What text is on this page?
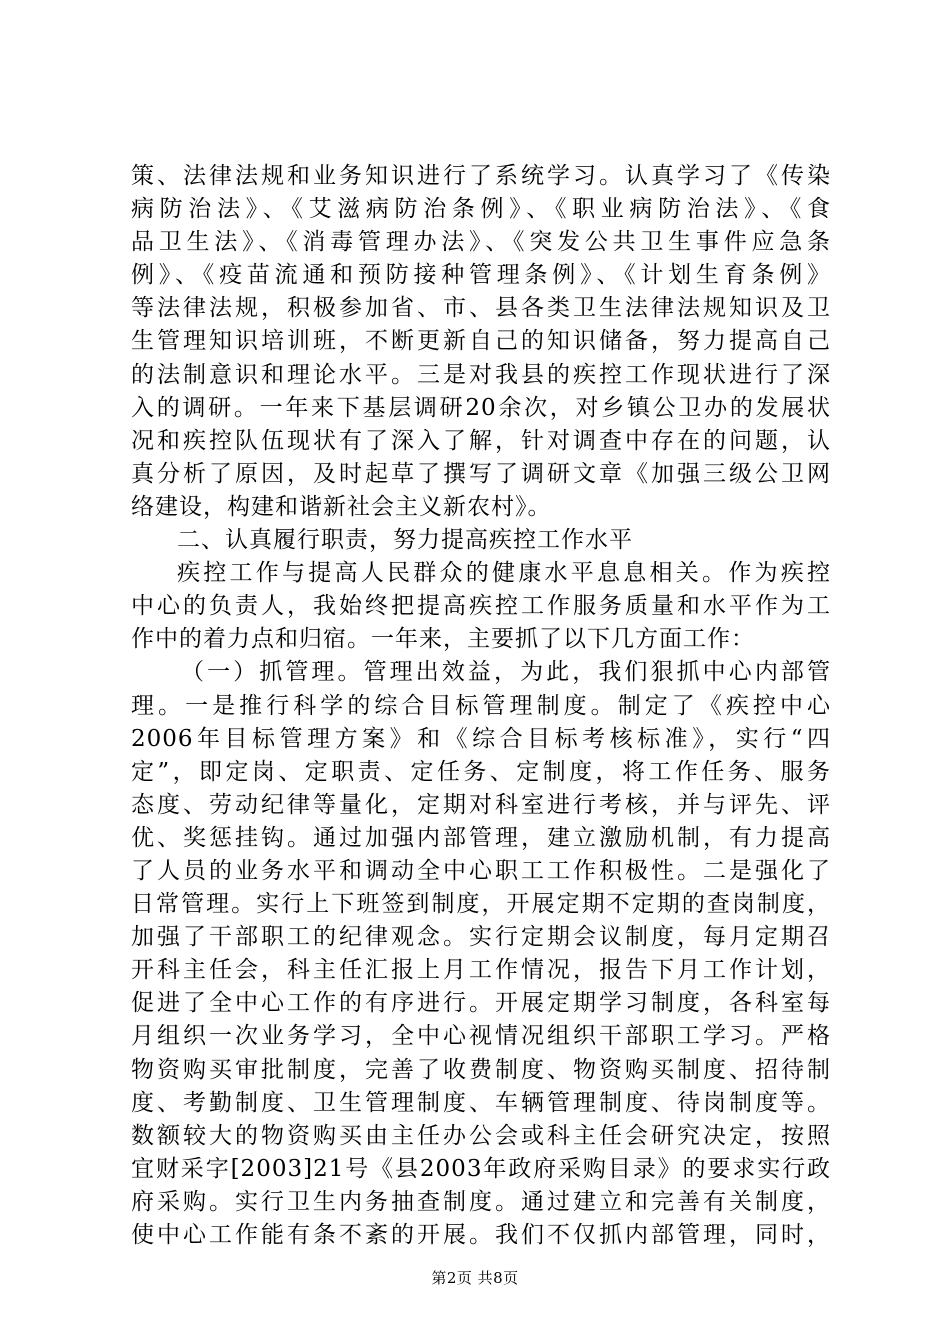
策、法律法规和业务知识进行了系统学习。认真学习了《传染
病防治法》、《艾滋病防治条例》、《职业病防治法》、《食
品卫生法》、《消毒管理办法》、《突发公共卫生事件应急条
例》、《疫苗流通和预防接种管理条例》、《计划生育条例》
等法律法规，积极参加省、市、县各类卫生法律法规知识及卫
生管理知识培训班，不断更新自己的知识储备，努力提高自己
的法制意识和理论水平。三是对我县的疾控工作现状进行了深
入的调研。一年来下基层调研20余次，对乡镇公卫办的发展状
况和疾控队伍现状有了深入了解，针对调查中存在的问题，认
真分析了原因，及时起草了撰写了调研文章《加强三级公卫网
络建设，构建和谐新社会主义新农村》。
二、认真履行职责，努力提高疾控工作水平
疾控工作与提高人民群众的健康水平息息相关。作为疾控
中心的负责人，我始终把提高疾控工作服务质量和水平作为工
作中的着力点和归宿。一年来，主要抓了以下几方面工作：
（一）抓管理。管理出效益，为此，我们狠抓中心内部管
理。一是推行科学的综合目标管理制度。制定了《疾控中心
2006年目标管理方案》和《综合目标考核标准》，实行“四
定”，即定岗、定职责、定任务、定制度，将工作任务、服务
态度、劳动纪律等量化，定期对科室进行考核，并与评先、评
优、奖惩挂钩。通过加强内部管理，建立激励机制，有力提高
了人员的业务水平和调动全中心职工工作积极性。二是强化了
日常管理。实行上下班签到制度，开展定期不定期的查岗制度，
加强了干部职工的纪律观念。实行定期会议制度，每月定期召
开科主任会，科主任汇报上月工作情况，报告下月工作计划，
促进了全中心工作的有序进行。开展定期学习制度，各科室每
月组织一次业务学习，全中心视情况组织干部职工学习。严格
物资购买审批制度，完善了收费制度、物资购买制度、招待制
度、考勤制度、卫生管理制度、车辆管理制度、待岗制度等。
数额较大的物资购买由主任办公会或科主任会研究决定，按照
宜财采字[2003]21号《县2003年政府采购目录》的要求实行政
府采购。实行卫生内务抽查制度。通过建立和完善有关制度，
使中心工作能有条不紊的开展。我们不仅抓内部管理，同时，
第2页 共8页
